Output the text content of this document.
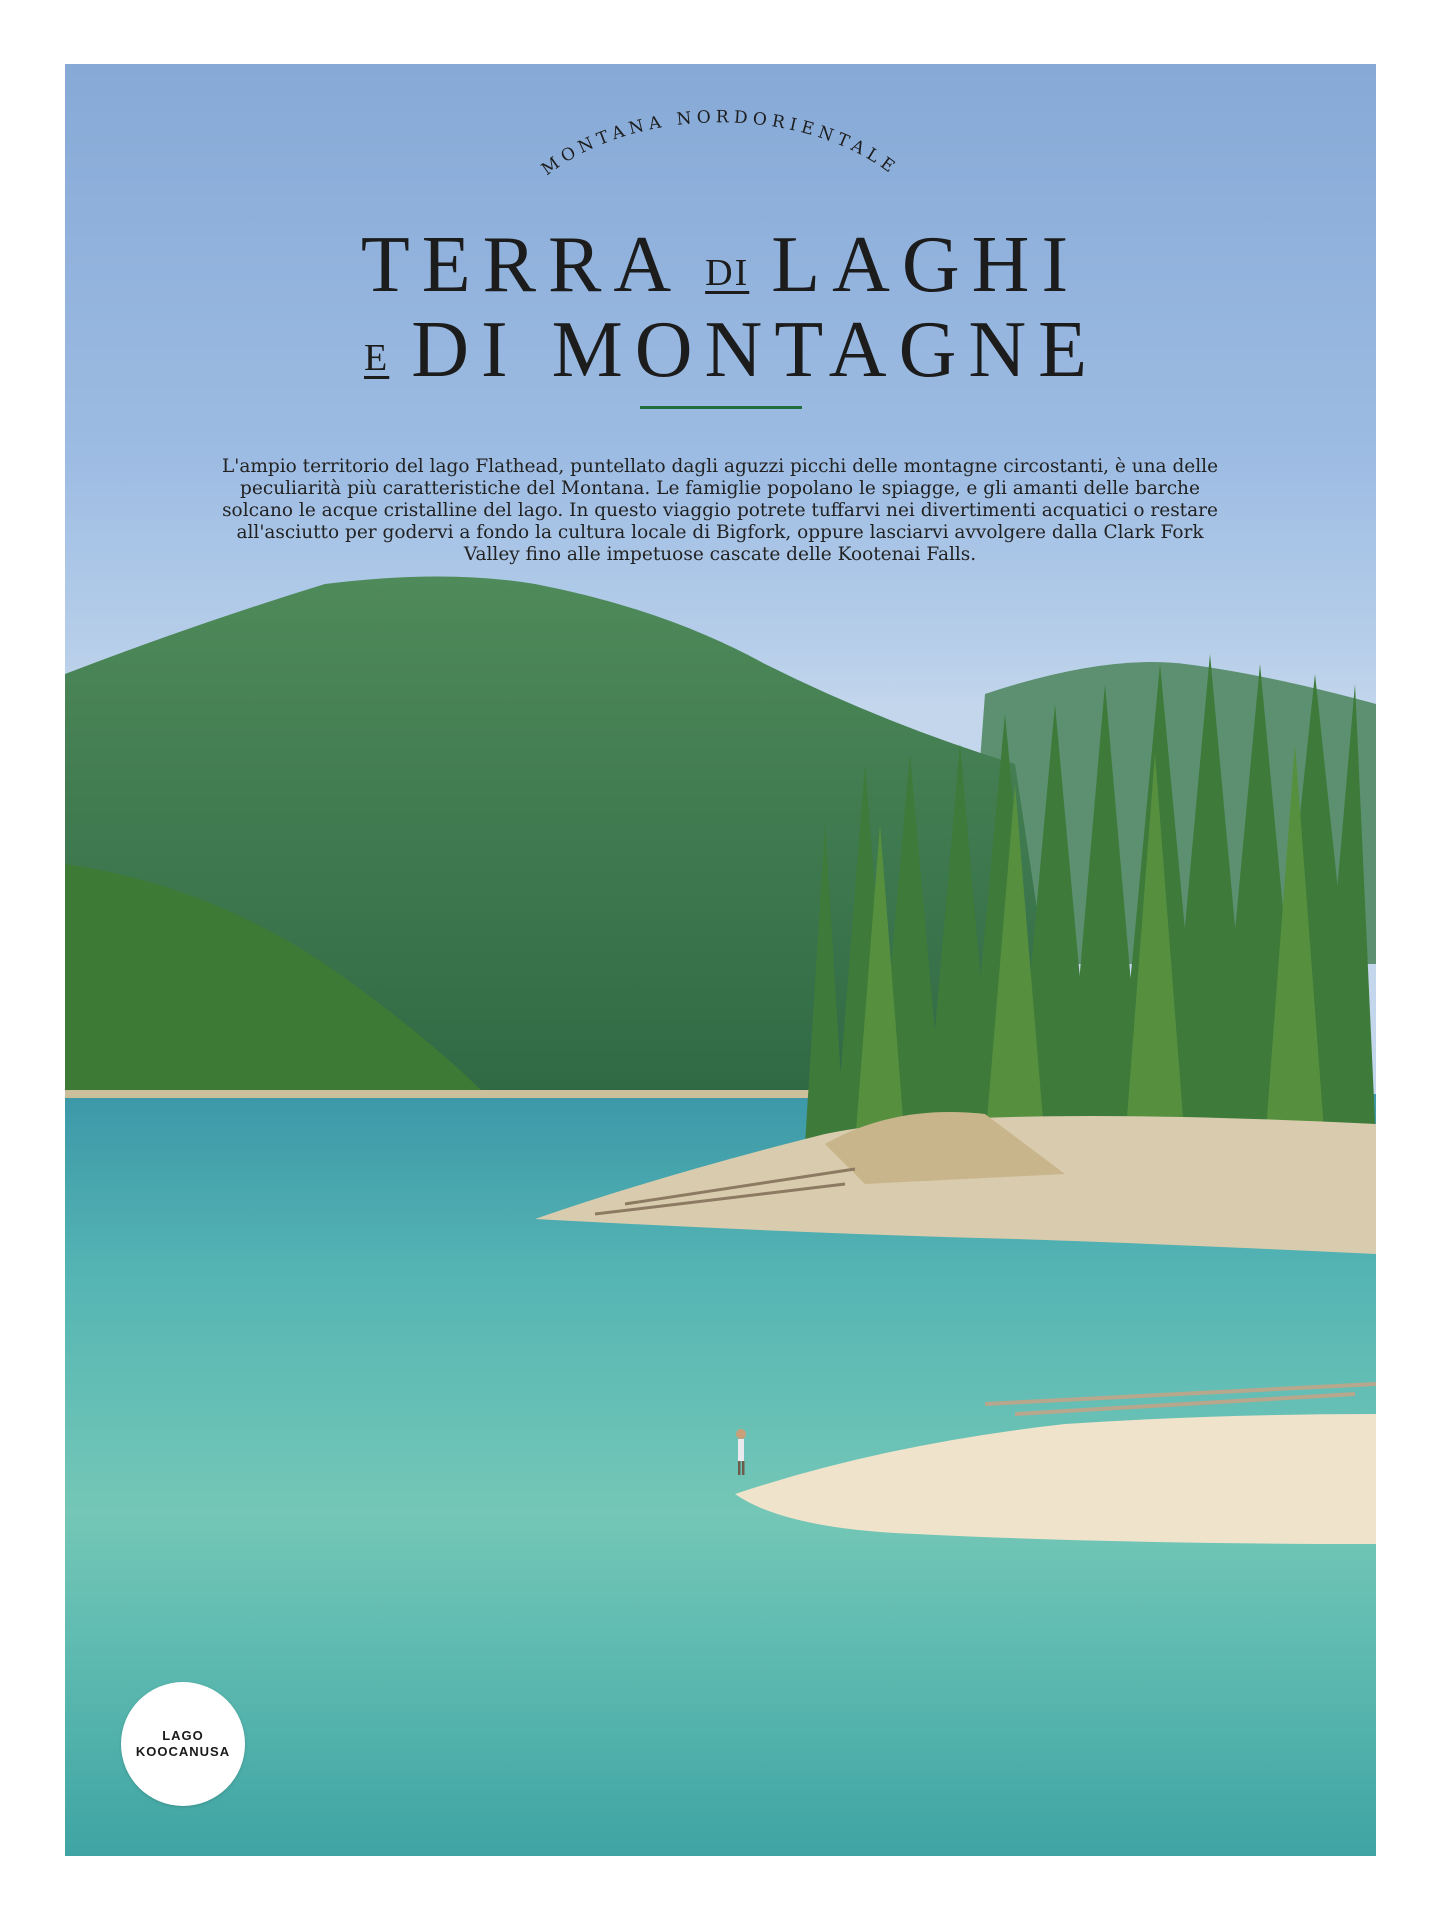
MONTANA NORDORIENTALE
TERRA DI LAGHI
E DI MONTAGNE
L'ampio territorio del lago Flathead, puntellato dagli aguzzi picchi delle montagne circostanti, è una delle peculiarità più caratteristiche del Montana. Le famiglie popolano le spiagge, e gli amanti delle barche solcano le acque cristalline del lago. In questo viaggio potrete tuffarvi nei divertimenti acquatici o restare all'asciutto per godervi a fondo la cultura locale di Bigfork, oppure lasciarvi avvolgere dalla Clark Fork Valley fino alle impetuose cascate delle Kootenai Falls.
LAGO
KOOCANUSA
